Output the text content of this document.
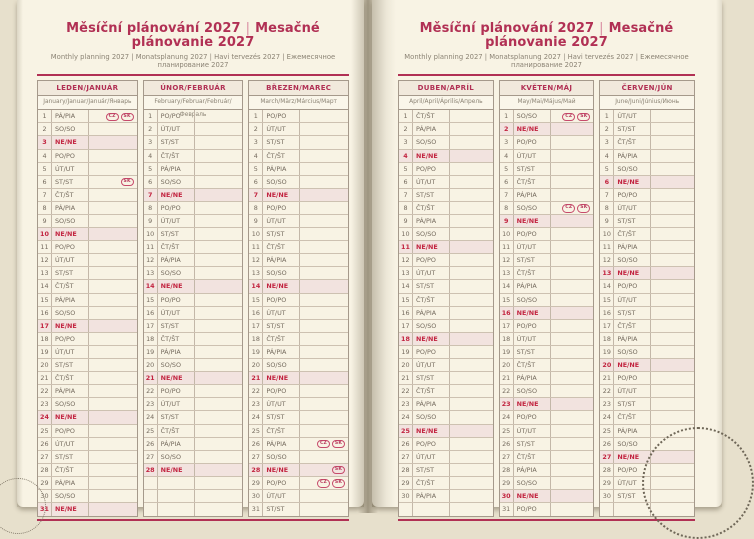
Měsíční plánování 2027 | Mesačné plánovanie 2027

Monthly planning 2027 | Monatsplanung 2027 | Havi tervezés 2027 | Ежемесячное планирование 2027

LEDEN/JANUÁR
January/Januar/Január/Январь
1	PÁ/PIA	CZ SK
2	SO/SO
3	NE/NE
4	PO/PO
5	ÚT/UT
6	ST/ST	SK
7	ČT/ŠT
8	PÁ/PIA
9	SO/SO
10 NE/NE
11	PO/PO
12	ÚT/UT
13	ST/ST
14	ČT/ŠT
15	PÁ/PIA
16	SO/SO
17 NE/NE
18	PO/PO
19	ÚT/UT
20	ST/ST
21	ČT/ŠT
22	PÁ/PIA
23	SO/SO
24 NE/NE
25	PO/PO
26	ÚT/UT
27	ST/ST
28	ČT/ŠT
29	PÁ/PIA
30	SO/SO
31 NE/NE
ÚNOR/FEBRUÁR
February/Februar/Február/Февраль
1	PO/PO
2	ÚT/UT
3	ST/ST
4	ČT/ŠT
5	PÁ/PIA
6	SO/SO
7	NE/NE
8	PO/PO
9	ÚT/UT
10	ST/ST
11	ČT/ŠT
12	PÁ/PIA
13	SO/SO
14 NE/NE
15	PO/PO
16	ÚT/UT
17	ST/ST
18	ČT/ŠT
19	PÁ/PIA
20	SO/SO
21 NE/NE
22	PO/PO
23	ÚT/UT
24	ST/ST
25	ČT/ŠT
26	PÁ/PIA
27	SO/SO
28 NE/NE
BŘEZEN/MAREC
March/März/Március/Март
1	PO/PO
2	ÚT/UT
3	ST/ST
4	ČT/ŠT
5	PÁ/PIA
6	SO/SO
7	NE/NE
8	PO/PO
9	ÚT/UT
10	ST/ST
11	ČT/ŠT
12	PÁ/PIA
13	SO/SO
14 NE/NE
15	PO/PO
16	ÚT/UT
17	ST/ST
18	ČT/ŠT
19	PÁ/PIA
20	SO/SO
21 NE/NE
22	PO/PO
23	ÚT/UT
24	ST/ST
25	ČT/ŠT
26	PÁ/PIA	CZ SK
27	SO/SO
28 NE/NE	SK
29	PO/PO	CZ SK
30	ÚT/UT
31	ST/ST
Měsíční plánování 2027 | Mesačné plánovanie 2027

Monthly planning 2027 | Monatsplanung 2027 | Havi tervezés 2027 | Ежемесячное планирование 2027

DUBEN/APRÍL
April/April/Április/Апрель
1	ČT/ŠT
2	PÁ/PIA
3	SO/SO
4	NE/NE
5	PO/PO
6	ÚT/UT
7	ST/ST
8	ČT/ŠT
9	PÁ/PIA
10	SO/SO
11 NE/NE
12	PO/PO
13	ÚT/UT
14	ST/ST
15	ČT/ŠT
16	PÁ/PIA
17	SO/SO
18 NE/NE
19	PO/PO
20	ÚT/UT
21	ST/ST
22	ČT/ŠT
23	PÁ/PIA
24	SO/SO
25 NE/NE
26	PO/PO
27	ÚT/UT
28	ST/ST
29	ČT/ŠT
30	PÁ/PIA
KVĚTEN/MÁJ
May/Mai/Május/Май
1	SO/SO	CZ SK
2	NE/NE
3	PO/PO
4	ÚT/UT
5	ST/ST
6	ČT/ŠT
7	PÁ/PIA
8	SO/SO	CZ SK
9	NE/NE
10	PO/PO
11	ÚT/UT
12	ST/ST
13	ČT/ŠT
14	PÁ/PIA
15	SO/SO
16 NE/NE
17	PO/PO
18	ÚT/UT
19	ST/ST
20	ČT/ŠT
21	PÁ/PIA
22	SO/SO
23 NE/NE
24	PO/PO
25	ÚT/UT
26	ST/ST
27	ČT/ŠT
28	PÁ/PIA
29	SO/SO
30 NE/NE
31	PO/PO
ČERVEN/JÚN
June/Juni/Június/Июнь
1	ÚT/UT
2	ST/ST
3	ČT/ŠT
4	PÁ/PIA
5	SO/SO
6	NE/NE
7	PO/PO
8	ÚT/UT
9	ST/ST
10	ČT/ŠT
11	PÁ/PIA
12	SO/SO
13 NE/NE
14	PO/PO
15	ÚT/UT
16	ST/ST
17	ČT/ŠT
18	PÁ/PIA
19	SO/SO
20 NE/NE
21	PO/PO
22	ÚT/UT
23	ST/ST
24	ČT/ŠT
25	PÁ/PIA
26	SO/SO
27 NE/NE
28	PO/PO
29	ÚT/UT
30	ST/ST
